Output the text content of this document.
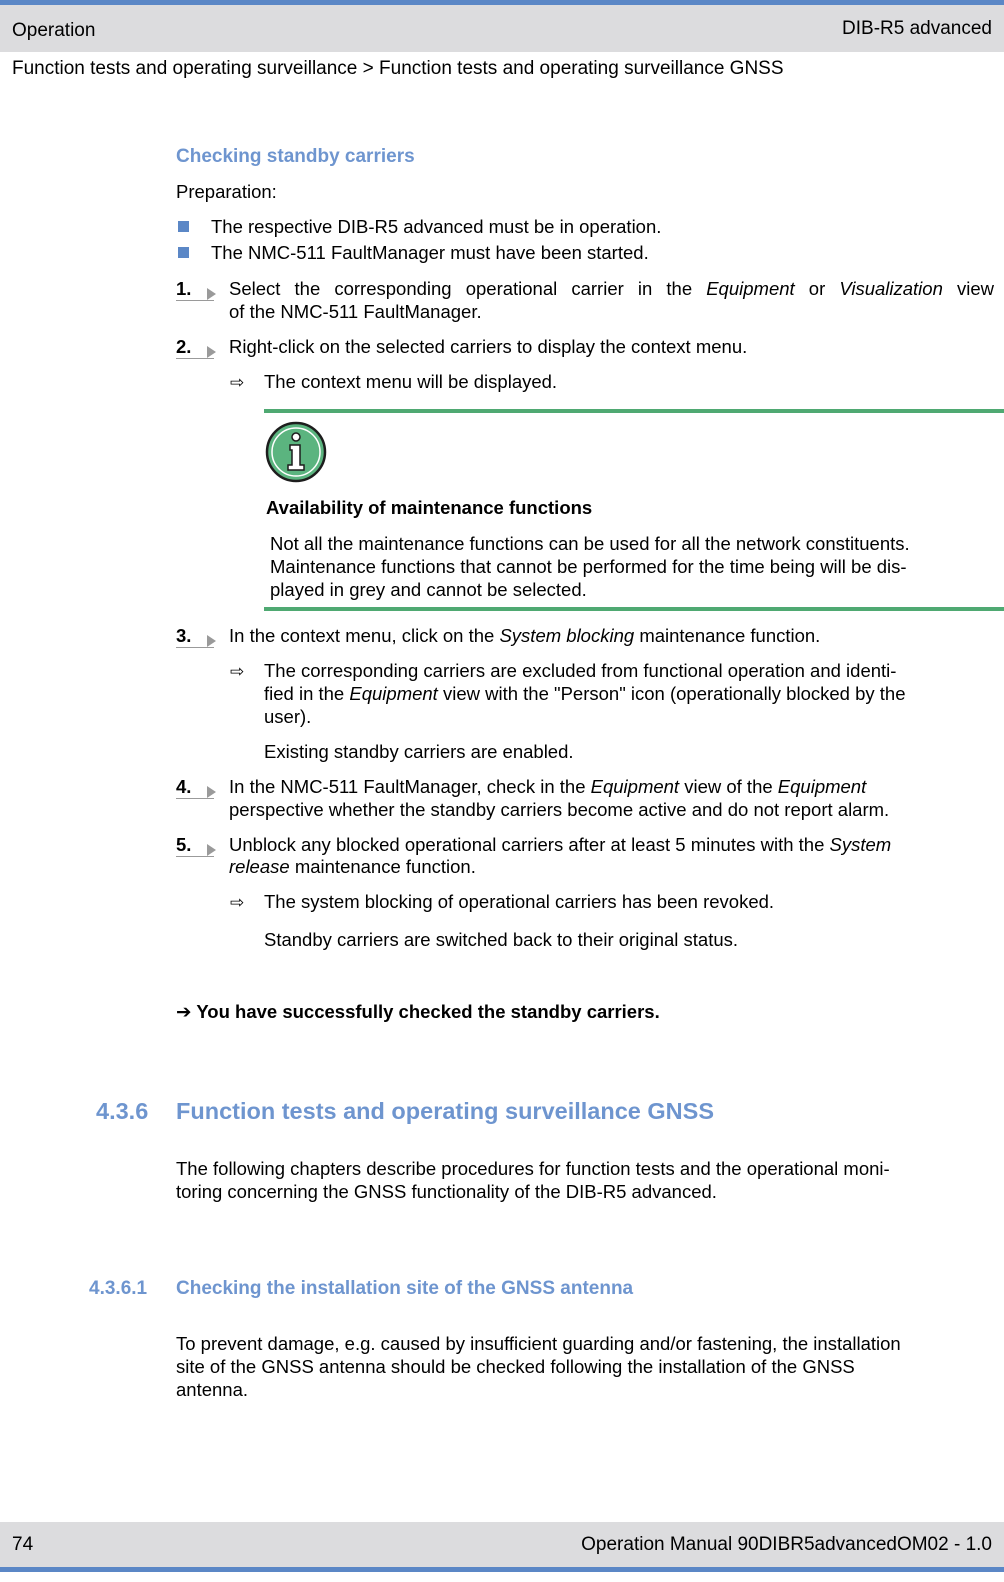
Operation	DIB-R5 advanced
Function tests and operating surveillance > Function tests and operating surveillance GNSS
Checking standby carriers
Preparation:
The respective DIB-R5 advanced must be in operation.
The NMC-511 FaultManager must have been started.
1. Select the corresponding operational carrier in the Equipment or Visualization view
of the NMC-511 FaultManager.
2. Right-click on the selected carriers to display the context menu.
⇨ The context menu will be displayed.
Availability of maintenance functions
Not all the maintenance functions can be used for all the network constituents.
Maintenance functions that cannot be performed for the time being will be dis-
played in grey and cannot be selected.
3. In the context menu, click on the System blocking maintenance function.
⇨ The corresponding carriers are excluded from functional operation and identi-
fied in the Equipment view with the "Person" icon (operationally blocked by the
user).
Existing standby carriers are enabled.
4. In the NMC-511 FaultManager, check in the Equipment view of the Equipment
perspective whether the standby carriers become active and do not report alarm.
5. Unblock any blocked operational carriers after at least 5 minutes with the System
release maintenance function.
⇨ The system blocking of operational carriers has been revoked.
Standby carriers are switched back to their original status.
➔ You have successfully checked the standby carriers.
4.3.6 Function tests and operating surveillance GNSS
The following chapters describe procedures for function tests and the operational moni-
toring concerning the GNSS functionality of the DIB-R5 advanced.
4.3.6.1 Checking the installation site of the GNSS antenna
To prevent damage, e.g. caused by insufficient guarding and/or fastening, the installation
site of the GNSS antenna should be checked following the installation of the GNSS
antenna.
74	Operation Manual 90DIBR5advancedOM02 - 1.0
